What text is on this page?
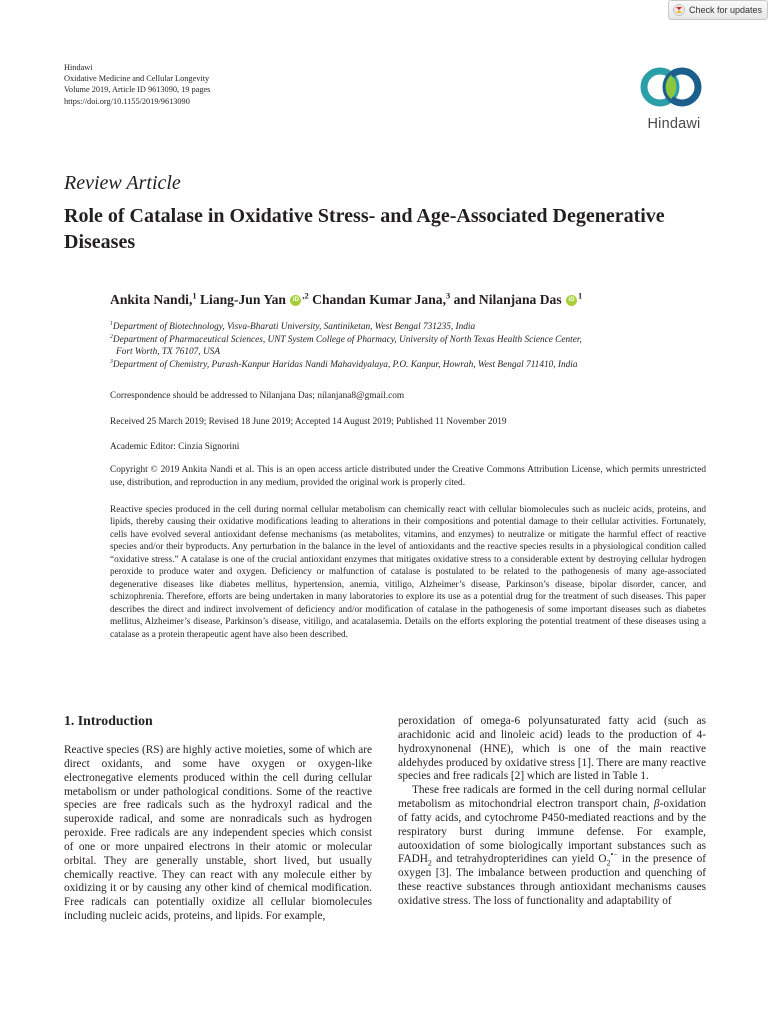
Check for updates
Hindawi
Oxidative Medicine and Cellular Longevity
Volume 2019, Article ID 9613090, 19 pages
https://doi.org/10.1155/2019/9613090
Hindawi
Review Article
Role of Catalase in Oxidative Stress- and Age-Associated Degenerative Diseases
Ankita Nandi,$^1$ Liang-Jun Yan iD $^{,2}$ Chandan Kumar Jana,$^3$ and Nilanjana Das iD $^1$
$^1$Department of Biotechnology, Visva-Bharati University, Santiniketan, West Bengal 731235, India
$^2$Department of Pharmaceutical Sciences, UNT System College of Pharmacy, University of North Texas Health Science Center,
Fort Worth, TX 76107, USA
$^3$Department of Chemistry, Purash-Kanpur Haridas Nandi Mahavidyalaya, P.O. Kanpur, Howrah, West Bengal 711410, India
Correspondence should be addressed to Nilanjana Das; nilanjana8@gmail.com
Received 25 March 2019; Revised 18 June 2019; Accepted 14 August 2019; Published 11 November 2019
Academic Editor: Cinzia Signorini
Copyright © 2019 Ankita Nandi et al. This is an open access article distributed under the Creative Commons Attribution License, which permits unrestricted use, distribution, and reproduction in any medium, provided the original work is properly cited.
Reactive species produced in the cell during normal cellular metabolism can chemically react with cellular biomolecules such as nucleic acids, proteins, and lipids, thereby causing their oxidative modifications leading to alterations in their compositions and potential damage to their cellular activities. Fortunately, cells have evolved several antioxidant defense mechanisms (as metabolites, vitamins, and enzymes) to neutralize or mitigate the harmful effect of reactive species and/or their byproducts. Any perturbation in the balance in the level of antioxidants and the reactive species results in a physiological condition called “oxidative stress.” A catalase is one of the crucial antioxidant enzymes that mitigates oxidative stress to a considerable extent by destroying cellular hydrogen peroxide to produce water and oxygen. Deficiency or malfunction of catalase is postulated to be related to the pathogenesis of many age-associated degenerative diseases like diabetes mellitus, hypertension, anemia, vitiligo, Alzheimer’s disease, Parkinson’s disease, bipolar disorder, cancer, and schizophrenia. Therefore, efforts are being undertaken in many laboratories to explore its use as a potential drug for the treatment of such diseases. This paper describes the direct and indirect involvement of deficiency and/or modification of catalase in the pathogenesis of some important diseases such as diabetes mellitus, Alzheimer’s disease, Parkinson’s disease, vitiligo, and acatalasemia. Details on the efforts exploring the potential treatment of these diseases using a catalase as a protein therapeutic agent have also been described.
1. Introduction

Reactive species (RS) are highly active moieties, some of which are direct oxidants, and some have oxygen or oxygen-like electronegative elements produced within the cell during cellular metabolism or under pathological conditions. Some of the reactive species are free radicals such as the hydroxyl radical and the superoxide radical, and some are nonradicals such as hydrogen peroxide. Free radicals are any independent species which consist of one or more unpaired electrons in their atomic or molecular orbital. They are generally unstable, short lived, but usually chemically reactive. They can react with any molecule either by oxidizing it or by causing any other kind of chemical modification. Free radicals can potentially oxidize all cellular biomolecules including nucleic acids, proteins, and lipids. For example,

peroxidation of omega-6 polyunsaturated fatty acid (such as arachidonic acid and linoleic acid) leads to the production of 4-hydroxynonenal (HNE), which is one of the main reactive aldehydes produced by oxidative stress [1]. There are many reactive species and free radicals [2] which are listed in Table 1.

These free radicals are formed in the cell during normal cellular metabolism as mitochondrial electron transport chain, β-oxidation of fatty acids, and cytochrome P450-mediated reactions and by the respiratory burst during immune defense. For example, autooxidation of some biologically important substances such as $FADH_2$ and tetrahydropteridines can yield $O_2^{•-}$ in the presence of oxygen [3]. The imbalance between production and quenching of these reactive substances through antioxidant mechanisms causes oxidative stress. The loss of functionality and adaptability of
